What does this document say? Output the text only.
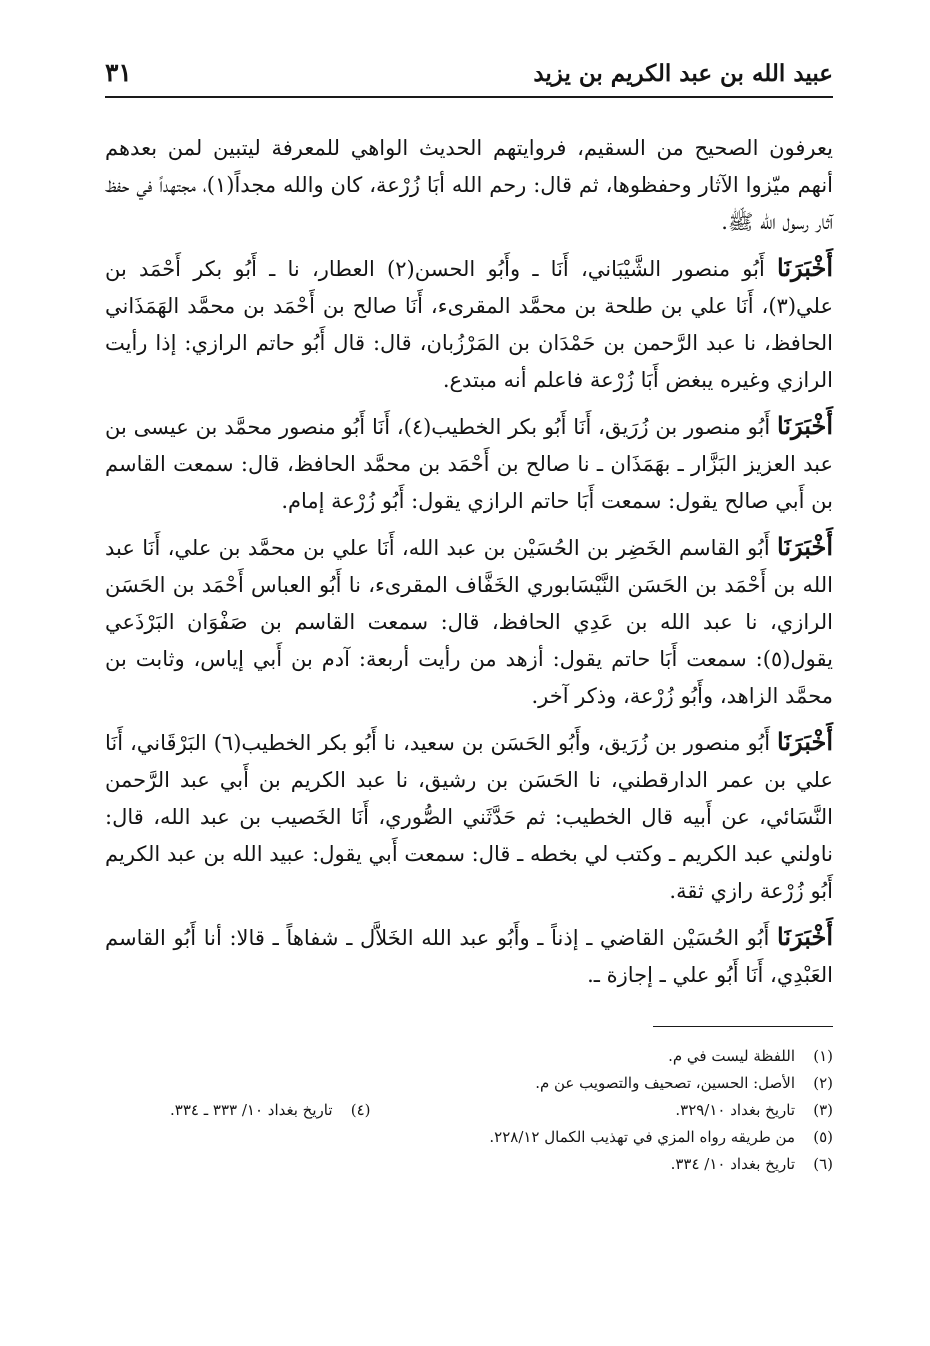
عبيد الله بن عبد الكريم بن يزيد
٣١

يعرفون الصحيح من السقيم، فروايتهم الحديث الواهي للمعرفة ليتبين لمن بعدهم أنهم ميّزوا الآثار وحفظوها، ثم قال: رحم الله أبَا زُرْعة، كان والله مجداً(١)، مجتهداً في حفظ آثار رسول الله ﷺ.

أَخْبَرَنَا أَبُو منصور الشَّيْبَاني، أَنَا ـ وأَبُو الحسن(٢) العطار، نا ـ أَبُو بكر أَحْمَد بن علي(٣)، أَنَا علي بن طلحة بن محمَّد المقرىء، أَنَا صالح بن أَحْمَد بن محمَّد الهَمَذَاني الحافظ، نا عبد الرَّحمن بن حَمْدَان بن المَرْزُبان، قال: قال أَبُو حاتم الرازي: إذا رأيت الرازي وغيره يبغض أَبَا زُرْعة فاعلم أنه مبتدع.

أَخْبَرَنَا أَبُو منصور بن زُرَيق، أَنَا أَبُو بكر الخطيب(٤)، أَنَا أَبُو منصور محمَّد بن عيسى بن عبد العزيز البَزَّار ـ بهَمَذَان ـ نا صالح بن أَحْمَد بن محمَّد الحافظ، قال: سمعت القاسم بن أَبي صالح يقول: سمعت أَبَا حاتم الرازي يقول: أَبُو زُرْعة إمام.

أَخْبَرَنَا أَبُو القاسم الخَضِر بن الحُسَيْن بن عبد الله، أَنَا علي بن محمَّد بن علي، أَنَا عبد الله بن أَحْمَد بن الحَسَن النَّيْسَابوري الخَفَّاف المقرىء، نا أَبُو العباس أَحْمَد بن الحَسَن الرازي، نا عبد الله بن عَدِي الحافظ، قال: سمعت القاسم بن صَفْوَان البَرْذَعي يقول(٥): سمعت أَبَا حاتم يقول: أزهد من رأيت أربعة: آدم بن أَبي إياس، وثابت بن محمَّد الزاهد، وأَبُو زُرْعة، وذكر آخر.

أَخْبَرَنَا أَبُو منصور بن زُرَيق، وأَبُو الحَسَن بن سعيد، نا أَبُو بكر الخطيب(٦) البَرْقَاني، أَنَا علي بن عمر الدارقطني، نا الحَسَن بن رشيق، نا عبد الكريم بن أَبي عبد الرَّحمن النَّسَائي، عن أَبيه قال الخطيب: ثم حَدَّثَني الصُّوري، أَنَا الخَصيب بن عبد الله، قال: ناولني عبد الكريم ـ وكتب لي بخطه ـ قال: سمعت أَبي يقول: عبيد الله بن عبد الكريم أَبُو زُرْعة رازي ثقة.

أَخْبَرَنَا أَبُو الحُسَيْن القاضي ـ إذناً ـ وأَبُو عبد الله الخَلاَّل ـ شفاهاً ـ قالا: أنا أَبُو القاسم العَبْدِي، أَنَا أَبُو علي ـ إجازة ـ.

(١)
اللفظة ليست في م.
(٢)
الأصل: الحسين، تصحيف والتصويب عن م.
(٣)
تاريخ بغداد ٣٢٩/١٠.
(٤)
تاريخ بغداد ١٠/ ٣٣٣ ـ ٣٣٤.
(٥)
من طريقه رواه المزي في تهذيب الكمال ٢٢٨/١٢.
(٦)
تاريخ بغداد ١٠/ ٣٣٤.
